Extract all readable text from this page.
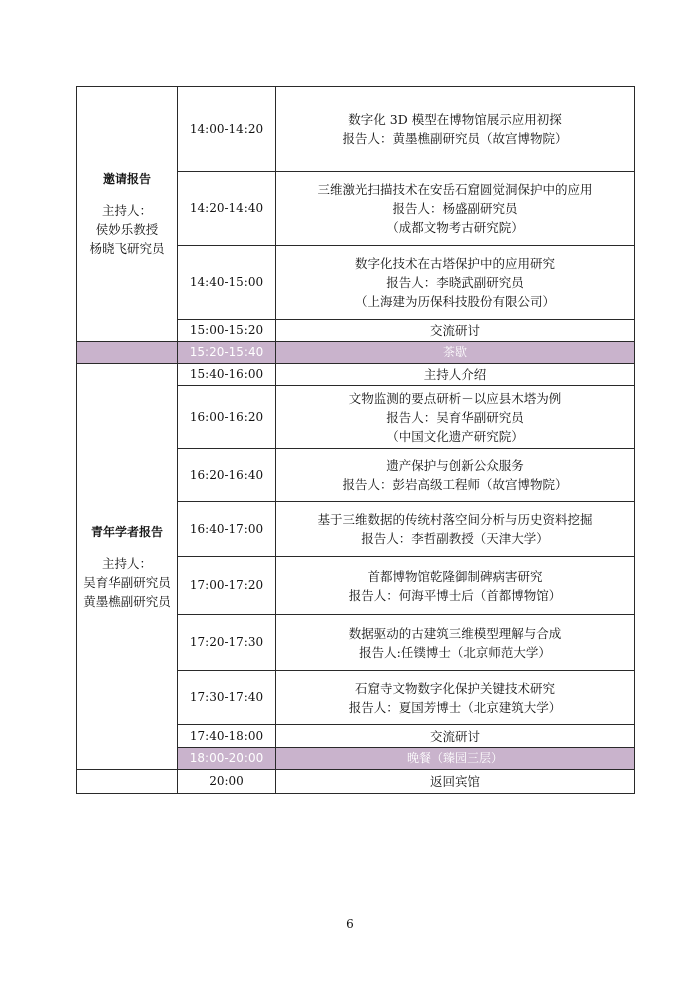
邀请报告
主持人：
侯妙乐教授
杨晓飞研究员	14:00-14:20	数字化 3D 模型在博物馆展示应用初探
报告人：黄墨樵副研究员（故宫博物院）

	14:20-14:40	三维激光扫描技术在安岳石窟圆觉洞保护中的应用
报告人：杨盛副研究员
（成都文物考古研究院）

	14:40-15:00	数字化技术在古塔保护中的应用研究
报告人：李晓武副研究员
（上海建为历保科技股份有限公司）

	15:00-15:20	交流研讨
	15:20-15:40	茶歇

青年学者报告
主持人：
吴育华副研究员
黄墨樵副研究员	15:40-16:00	主持人介绍
	16:00-16:20	文物监测的要点研析－以应县木塔为例
报告人：吴育华副研究员
（中国文化遗产研究院）

	16:20-16:40	遗产保护与创新公众服务
报告人：彭岩高级工程师（故宫博物院）

	16:40-17:00	基于三维数据的传统村落空间分析与历史资料挖掘
报告人：李哲副教授（天津大学）

	17:00-17:20	首都博物馆乾隆御制碑病害研究
报告人：何海平博士后（首都博物馆）

	17:20-17:30	数据驱动的古建筑三维模型理解与合成
报告人:任镤博士（北京师范大学）

	17:30-17:40	石窟寺文物数字化保护关键技术研究
报告人：夏国芳博士（北京建筑大学）

	17:40-18:00	交流研讨
	18:00-20:00	晚餐（臻园三层）
	20:00	返回宾馆
6
